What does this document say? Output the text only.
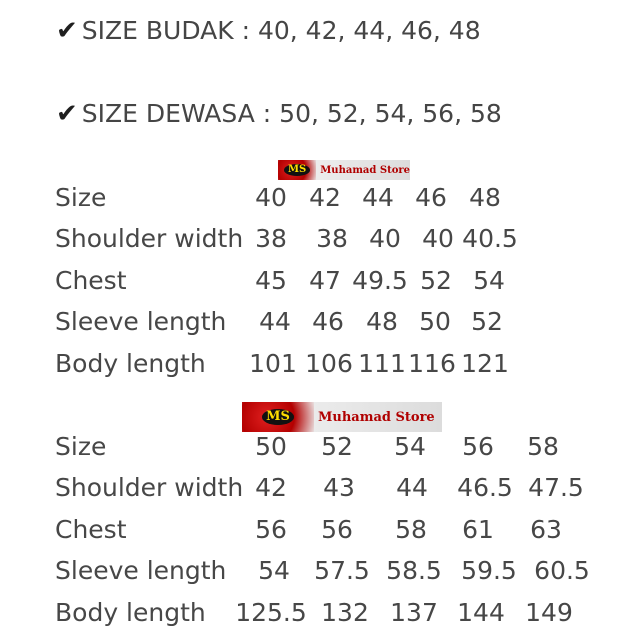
✔ SIZE BUDAK : 40, 42, 44, 46, 48
✔ SIZE DEWASA : 50, 52, 54, 56, 58
MS	Muhamad Store
Size	40 42 44 46 48
Shoulder width 38 38 40 40 40.5
Chest	45 47 49.5 52 54
Sleeve length 44 46 48 50 52
Body length 101 106 111 116 121
MS	Muhamad Store
Size	50 52 54 56 58
Shoulder width 42 43 44 46.5 47.5
Chest	56 56 58 61 63
Sleeve length 54 57.5 58.5 59.5 60.5
Body length 125.5 132 137 144 149
